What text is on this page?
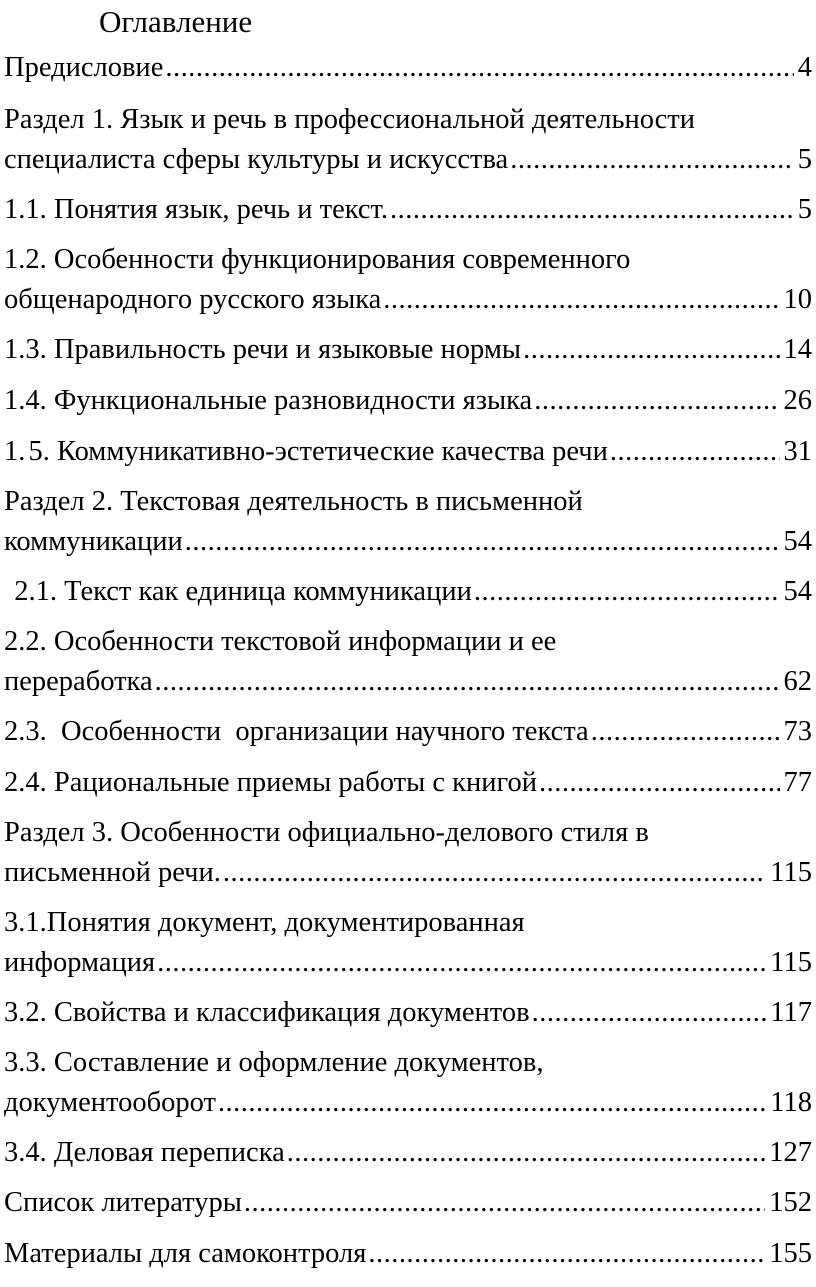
Оглавление
Предисловие .....	4
Раздел 1. Язык и речь в профессиональной деятельности
специалиста сферы культуры и искусства .....	5
1.1. Понятия язык, речь и текст. .....	5
1.2. Особенности функционирования современного
общенародного русского языка .....	10
1.3. Правильность речи и языковые нормы .....	14
1.4. Функциональные разновидности языка .....	26
1. 5. Коммуникативно-эстетические качества речи .....	31
Раздел 2. Текстовая деятельность в письменной
коммуникации .....	54
2.1. Текст как единица коммуникации .....	54
2.2. Особенности текстовой информации и ее
переработка .....	62
2.3.  Особенности  организации научного текста .....	73
2.4. Рациональные приемы работы с книгой .....	77
Раздел 3. Особенности официально-делового стиля в
письменной речи. .....	115
3.1.Понятия документ, документированная
информация .....	115
3.2. Свойства и классификация документов .....	117
3.3. Составление и оформление документов,
документооборот .....	118
3.4. Деловая переписка .....	127
Список литературы .....	152
Материалы для самоконтроля .....	155
